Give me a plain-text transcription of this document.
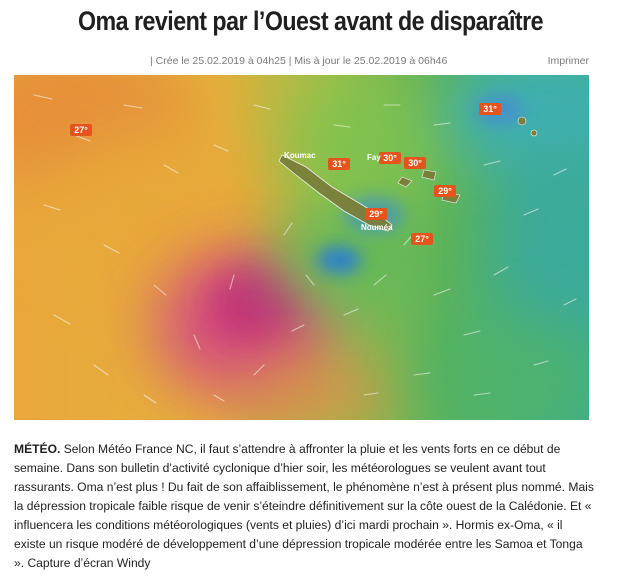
Oma revient par l’Ouest avant de disparaître
| Crée le 25.02.2019 à 04h25 | Mis à jour le 25.02.2019 à 06h46	Imprimer
27°
31°
31°
30° 30°
29°
29°
27°
Koumac	Fay
Nouméa

MÉTÉO. Selon Météo France NC, il faut s’attendre à affronter la pluie et les vents forts en ce début de semaine. Dans son bulletin d’activité cyclonique d’hier soir, les météorologues se veulent avant tout rassurants. Oma n’est plus ! Du fait de son affaiblissement, le phénomène n’est à présent plus nommé. Mais la dépression tropicale faible risque de venir s’éteindre définitivement sur la côte ouest de la Calédonie. Et « influencera les conditions météorologiques (vents et pluies) d’ici mardi prochain ». Hormis ex-Oma, « il existe un risque modéré de développement d’une dépression tropicale modérée entre les Samoa et Tonga ». Capture d’écran Windy
